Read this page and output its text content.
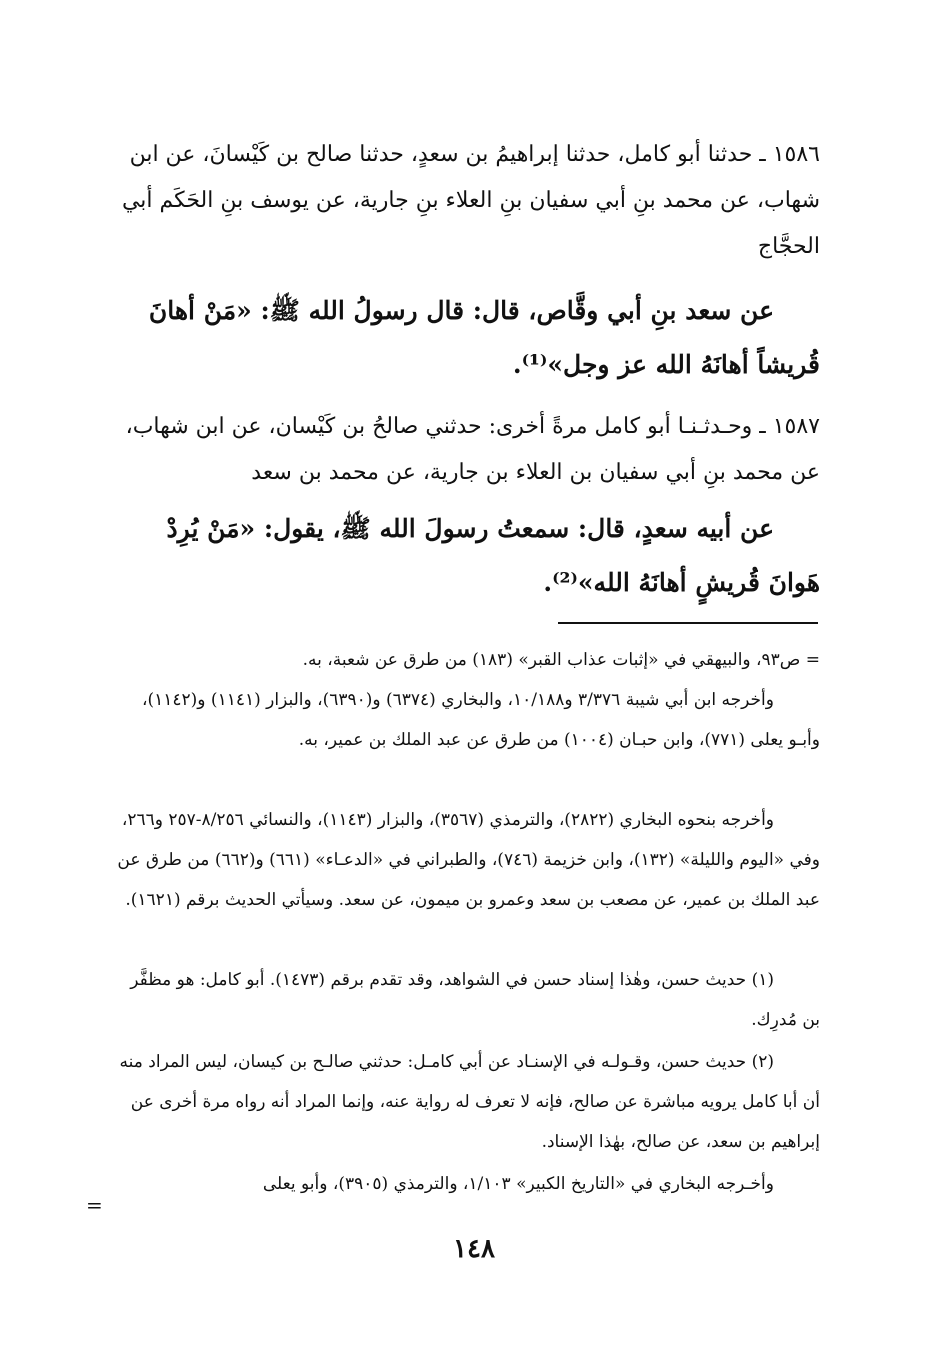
١٥٨٦ ـ حدثنا أبو كامل، حدثنا إبراهيمُ بن سعدٍ، حدثنا صالح بن كَيْسانَ، عن ابن شهاب، عن محمد بنِ أبي سفيان بنِ العلاء بنِ جارية، عن يوسف بنِ الحَكَم أبي الحجَّاج

عن سعد بنِ أبي وقَّاص، قال: قال رسولُ الله ﷺ: «مَنْ أهانَ قُريشاً أهانَهُ الله عز وجل»⁽¹⁾.

١٥٨٧ ـ وحـدثـنـا أبو كامل مرةً أخرى: حدثني صالحُ بن كَيْسان، عن ابن شهاب، عن محمد بنِ أبي سفيان بن العلاء بن جارية، عن محمد بن سعد

عن أبيه سعدٍ، قال: سمعتُ رسولَ الله ﷺ، يقول: «مَنْ يُرِدْ هَوانَ قُريشٍ أهانَهُ الله»⁽²⁾.

= ص٩٣، والبيهقي في «إثبات عذاب القبر» (١٨٣) من طرق عن شعبة، به.

وأخرجه ابن أبي شيبة ٣/٣٧٦ و١٠/١٨٨، والبخاري (٦٣٧٤) و(٦٣٩٠)، والبزار (١١٤١) و(١١٤٢)، وأبـو يعلى (٧٧١)، وابن حبـان (١٠٠٤) من طرق عن عبد الملك بن عمير، به.

وأخرجه بنحوه البخاري (٢٨٢٢)، والترمذي (٣٥٦٧)، والبزار (١١٤٣)، والنسائي ٨/٢٥٦-٢٥٧ و٢٦٦، وفي «اليوم والليلة» (١٣٢)، وابن خزيمة (٧٤٦)، والطبراني في «الدعـاء» (٦٦١) و(٦٦٢) من طرق عن عبد الملك بن عمير، عن مصعب بن سعد وعمرو بن ميمون، عن سعد. وسيأتي الحديث برقم (١٦٢١).

(١) حديث حسن، وهٰذا إسناد حسن في الشواهد، وقد تقدم برقم (١٤٧٣). أبو كامل: هو مظفَّر بن مُدرِك.

(٢) حديث حسن، وقـولـه في الإسنـاد عن أبي كامـل: حدثني صالـح بن كيسان، ليس المراد منه أن أبا كامل يرويه مباشرة عن صالح، فإنه لا تعرف له رواية عنه، وإنما المراد أنه رواه مرة أخرى عن إبراهيم بن سعد، عن صالح، بهٰذا الإسناد.

وأخـرجه البخاري في «التاريخ الكبير» ١/١٠٣، والترمذي (٣٩٠٥)، وأبو يعلى

=
١٤٨
